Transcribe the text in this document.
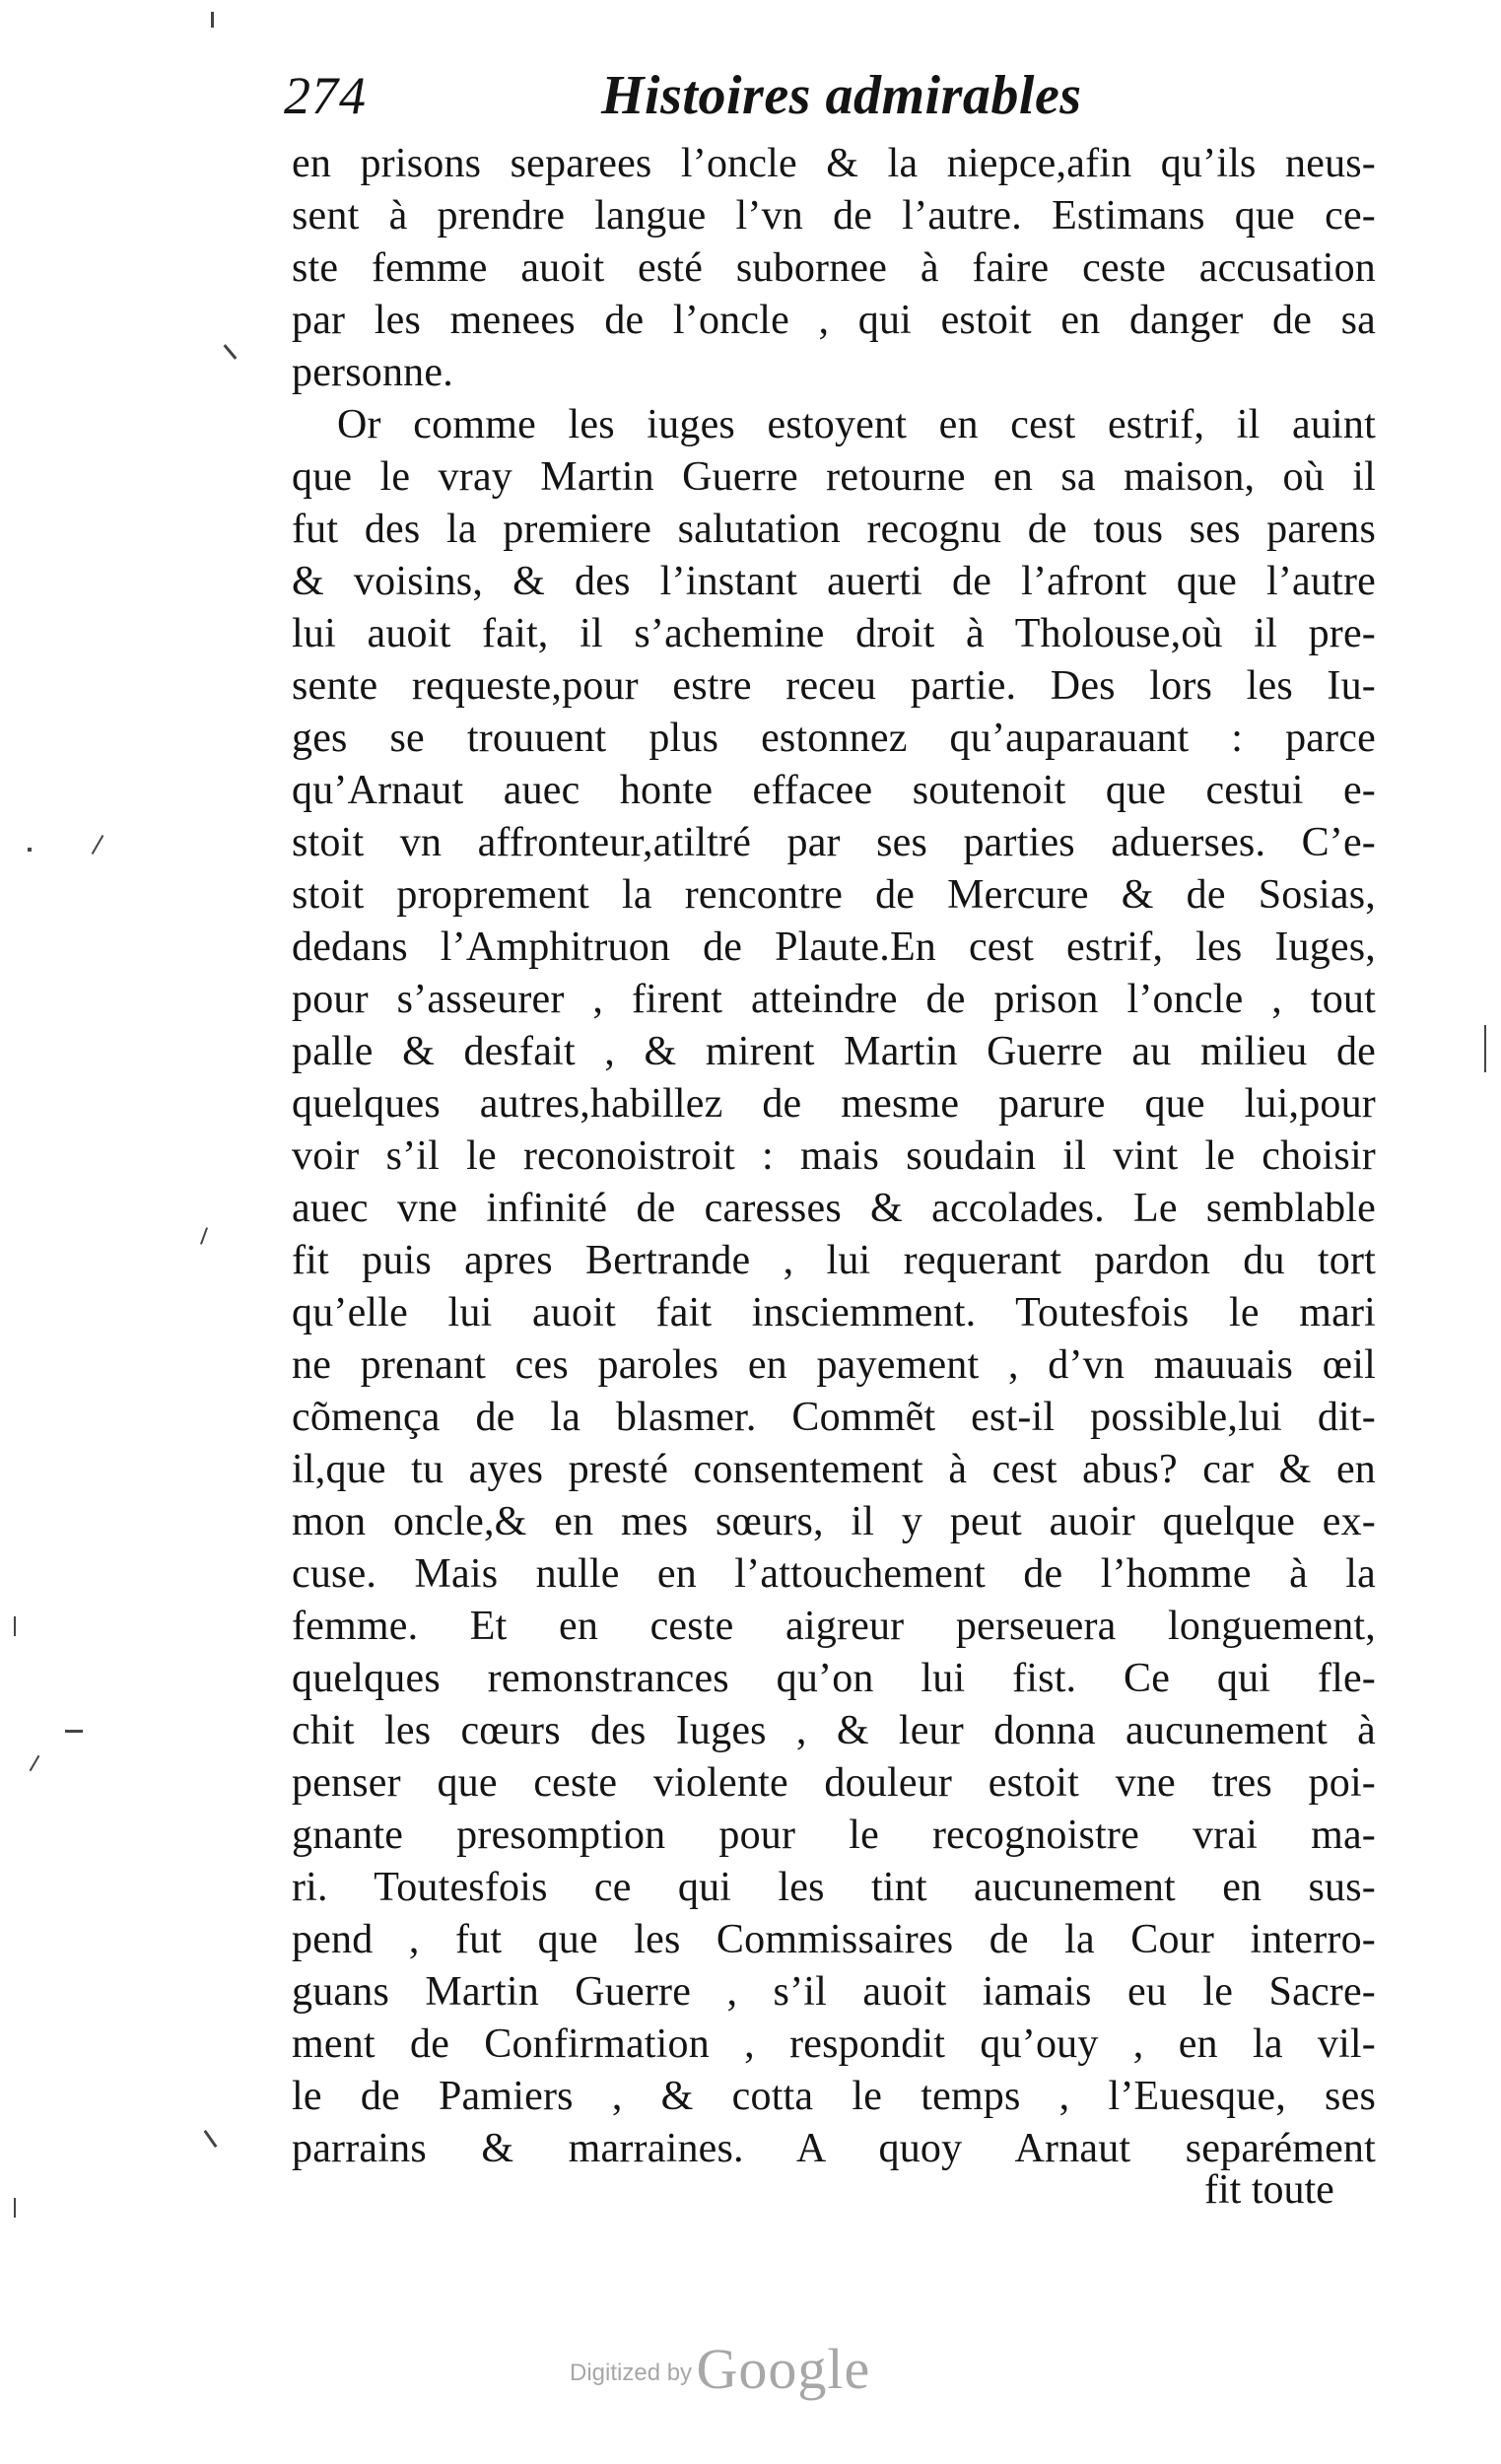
274	Histoires admirables
en prisons separees l’oncle & la niepce,afin qu’ils neus-
sent à prendre langue l’vn de l’autre. Estimans que ce-
ste femme auoit esté subornee à faire ceste accusation
par les menees de l’oncle , qui estoit en danger de sa
personne.
Or comme les iuges estoyent en cest estrif, il auint
que le vray Martin Guerre retourne en sa maison, où il
fut des la premiere salutation recognu de tous ses parens
& voisins, & des l’instant auerti de l’afront que l’autre
lui auoit fait, il s’achemine droit à Tholouse,où il pre-
sente requeste,pour estre receu partie. Des lors les Iu-
ges se trouuent plus estonnez qu’auparauant : parce
qu’Arnaut auec honte effacee soutenoit que cestui e-
stoit vn affronteur,atiltré par ses parties aduerses. C’e-
stoit proprement la rencontre de Mercure & de Sosias,
dedans l’Amphitruon de Plaute.En cest estrif, les Iuges,
pour s’asseurer , firent atteindre de prison l’oncle , tout
palle & desfait , & mirent Martin Guerre au milieu de
quelques autres,habillez de mesme parure que lui,pour
voir s’il le reconoistroit : mais soudain il vint le choisir
auec vne infinité de caresses & accolades. Le semblable
fit puis apres Bertrande , lui requerant pardon du tort
qu’elle lui auoit fait insciemment. Toutesfois le mari
ne prenant ces paroles en payement , d’vn mauuais œil
cõmença de la blasmer. Commẽt est-il possible,lui dit-
il,que tu ayes presté consentement à cest abus? car & en
mon oncle,& en mes sœurs, il y peut auoir quelque ex-
cuse. Mais nulle en l’attouchement de l’homme à la
femme. Et en ceste aigreur perseuera longuement,
quelques remonstrances qu’on lui fist. Ce qui fle-
chit les cœurs des Iuges , & leur donna aucunement à
penser que ceste violente douleur estoit vne tres poi-
gnante presomption pour le recognoistre vrai ma-
ri. Toutesfois ce qui les tint aucunement en sus-
pend , fut que les Commissaires de la Cour interro-
guans Martin Guerre , s’il auoit iamais eu le Sacre-
ment de Confirmation , respondit qu’ouy , en la vil-
le de Pamiers , & cotta le temps , l’Euesque, ses
parrains & marraines. A quoy Arnaut separément
fit toute
Digitized by Google
